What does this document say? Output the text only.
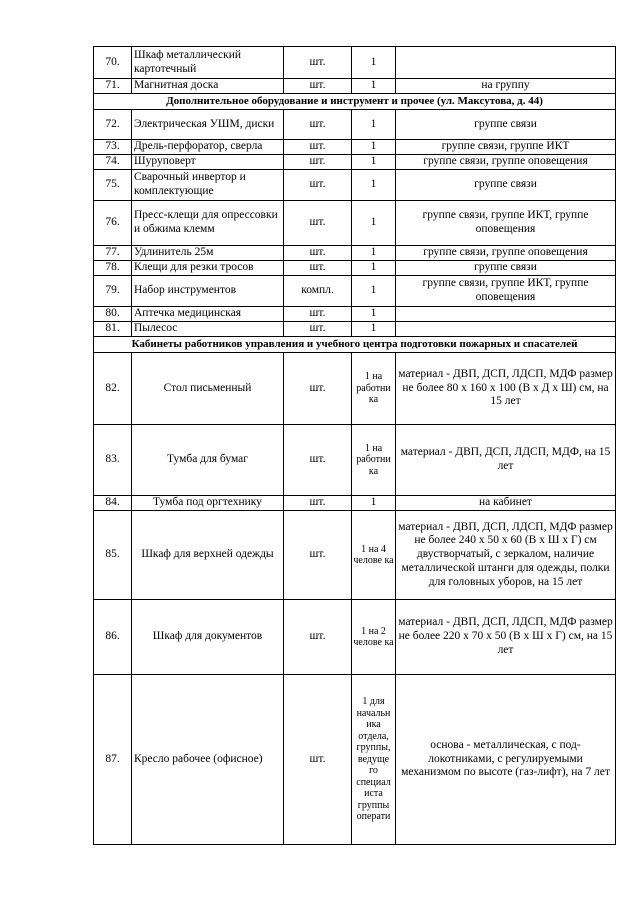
70.	Шкаф металлический картотечный	шт.	1	
71.	Магнитная доска	шт.	1	на группу
Дополнительное оборудование и инструмент и прочее (ул. Максутова, д. 44)				
72.	Электрическая УШМ, диски	шт.	1	группе связи
73.	Дрель-перфоратор, сверла	шт.	1	группе связи, группе ИКТ
74.	Шуруповерт	шт.	1	группе связи, группе оповещения
75.	Сварочный инвертор и комплектующие	шт.	1	группе связи
76.	Пресс-клещи для опрессовки и обжима клемм	шт.	1	группе связи, группе ИКТ, группе оповещения
77.	Удлинитель 25м	шт.	1	группе связи, группе оповещения
78.	Клещи для резки тросов	шт.	1	группе связи
79.	Набор инструментов	компл.	1	группе связи, группе ИКТ, группе оповещения
80.	Аптечка медицинская	шт.	1	
81.	Пылесос	шт.	1	
Кабинеты работников управления и учебного центра подготовки пожарных и спасателей				
82.	Стол письменный	шт.	1 на работни ка	материал - ДВП, ДСП, ЛДСП, МДФ размер не более 80 х 160 х 100 (В х Д х Ш) см, на 15 лет
83.	Тумба для бумаг	шт.	1 на работни ка	материал - ДВП, ДСП, ЛДСП, МДФ, на 15 лет
84.	Тумба под оргтехнику	шт.	1	на кабинет
85.	Шкаф для верхней одежды	шт.	1 на 4 челове ка	материал - ДВП, ДСП, ЛДСП, МДФ размер не более 240 х 50 х 60 (В х Ш х Г) см двустворчатый, с зеркалом, наличие металлической штанги для одежды, полки для головных уборов, на 15 лет
86.	Шкаф для документов	шт.	1 на 2 челове ка	материал - ДВП, ДСП, ЛДСП, МДФ размер не более 220 х 70 х 50 (В х Ш х Г) см, на 15 лет
87.	Кресло рабочее (офисное)	шт.	1 для начальн ика отдела, группы, ведуще го специал иста группы операти	основа - металлическая, с под- локотниками, с регулируемыми механизмом по высоте (газ-лифт), на 7 лет
